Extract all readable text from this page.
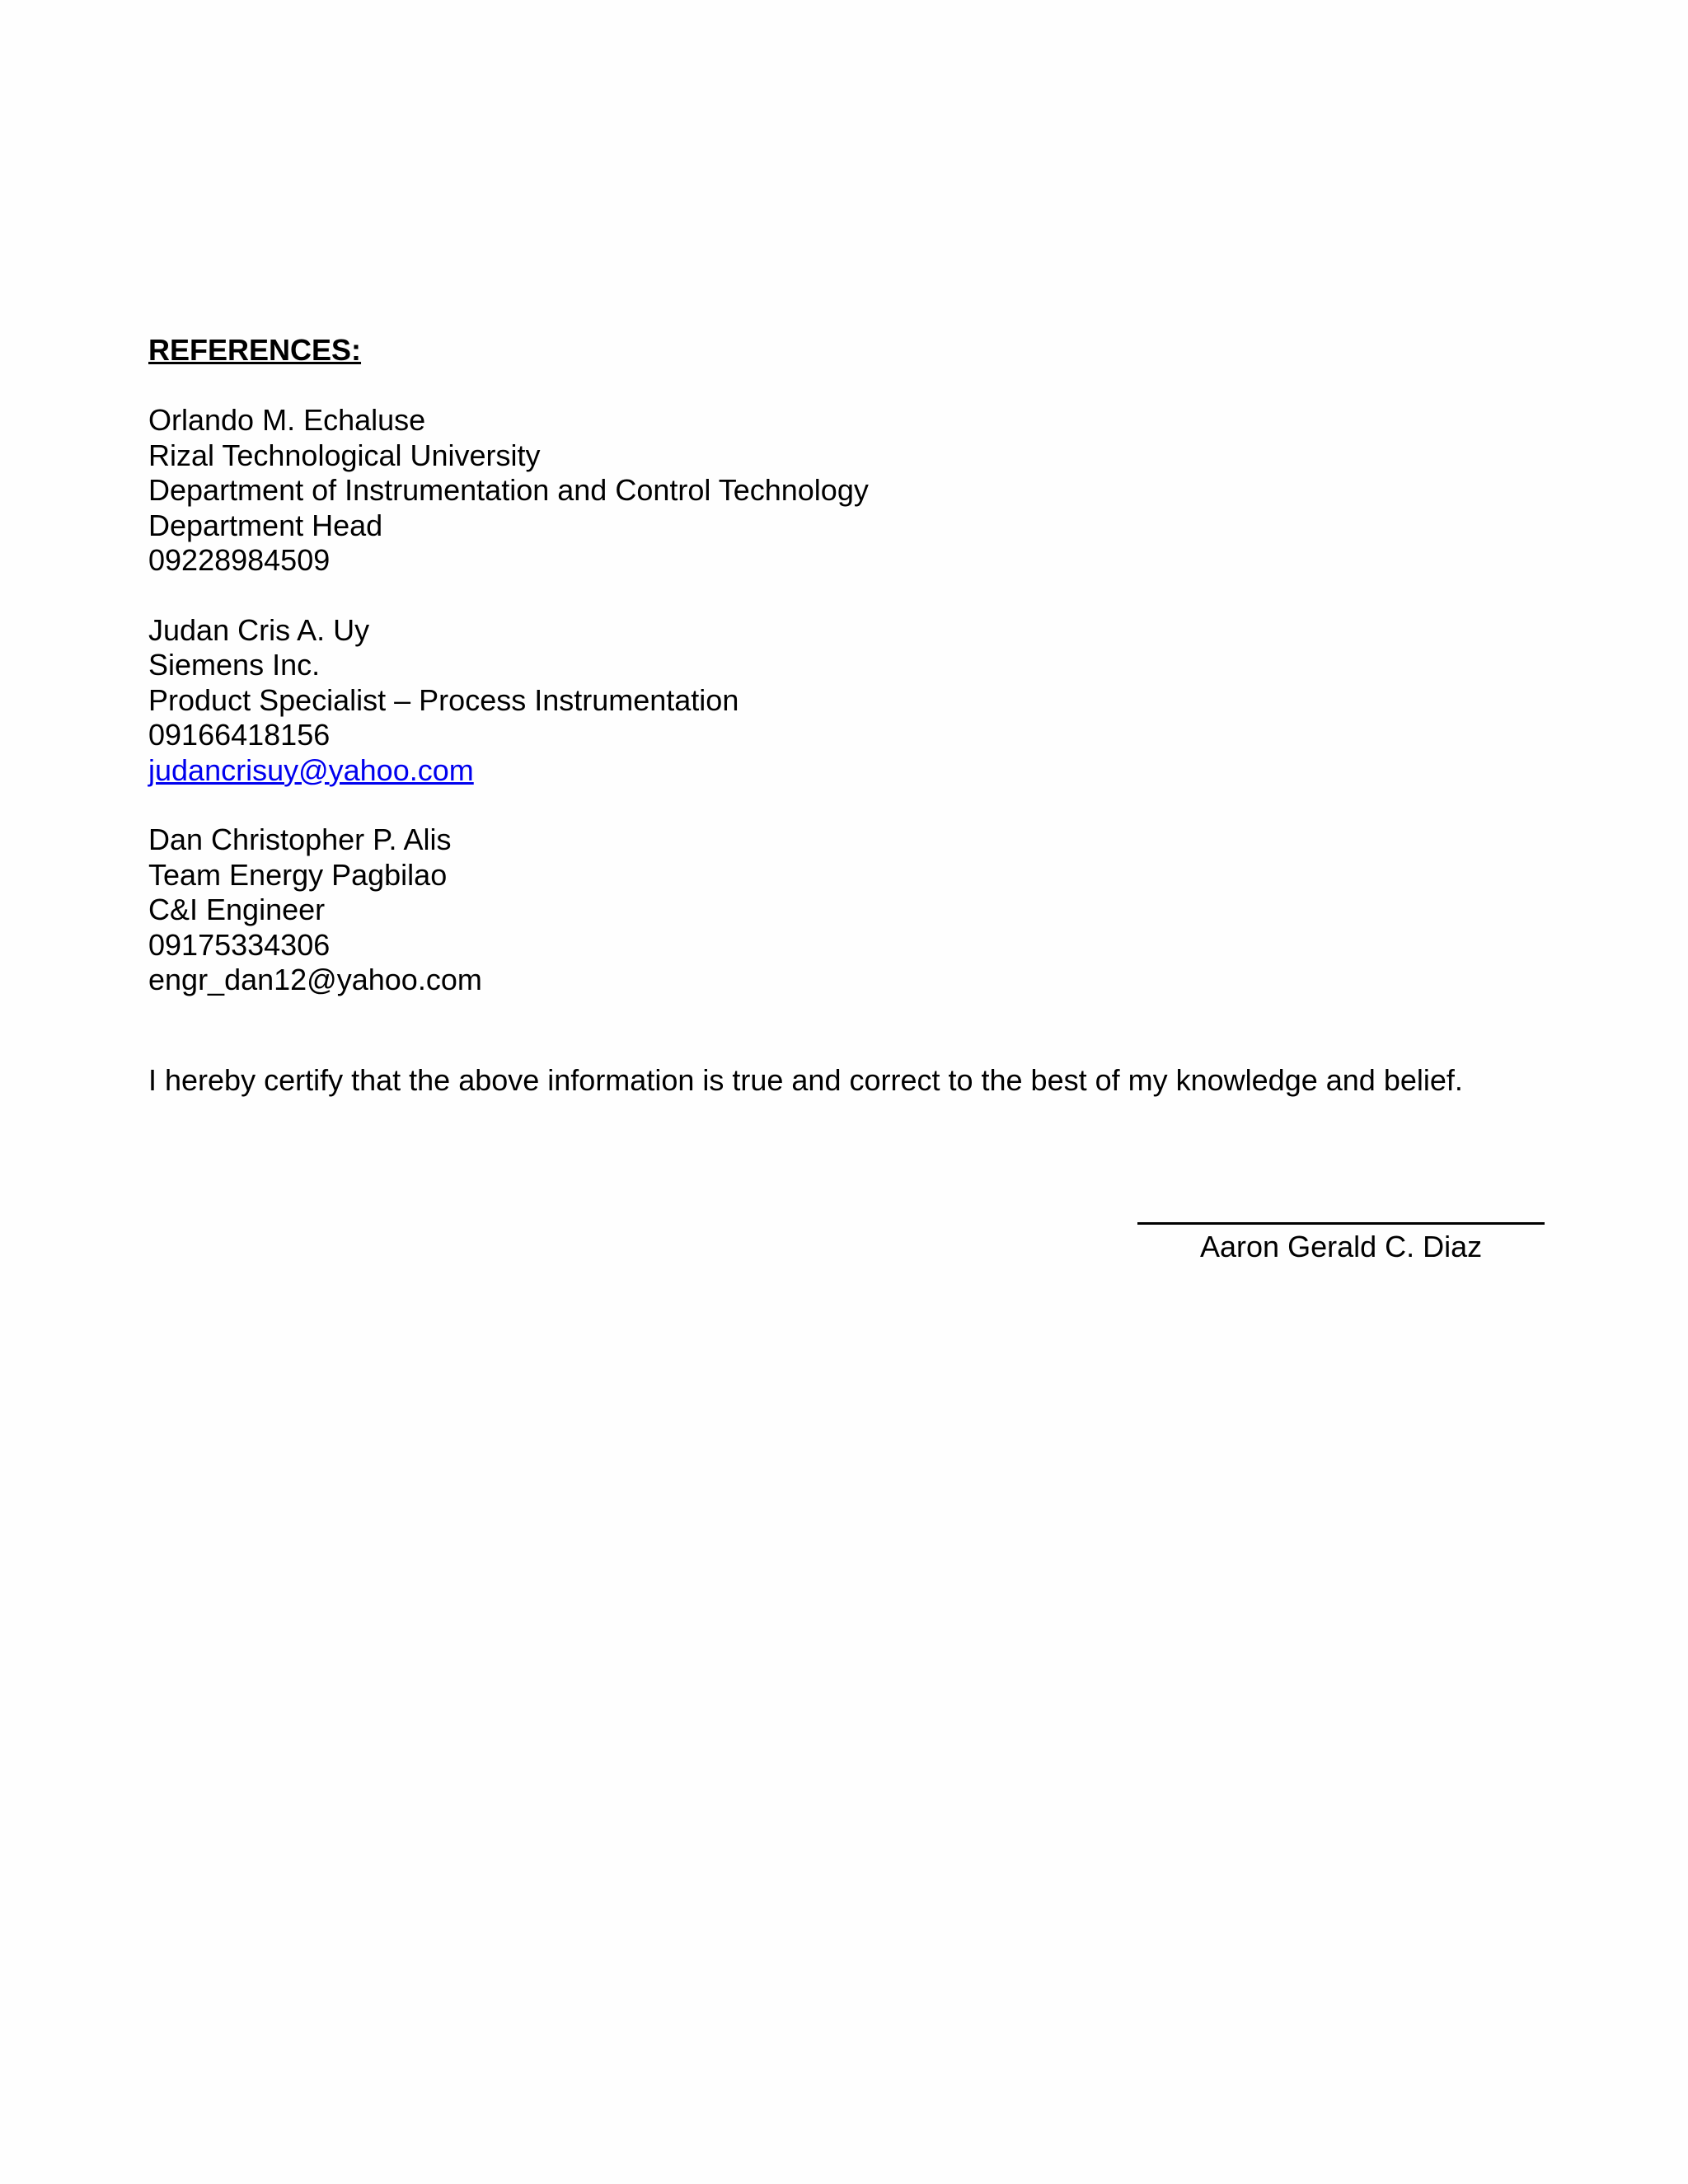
REFERENCES:
Orlando M. Echaluse
Rizal Technological University
Department of Instrumentation and Control Technology
Department Head
09228984509
Judan Cris A. Uy
Siemens Inc.
Product Specialist – Process Instrumentation
09166418156
judancrisuy@yahoo.com
Dan Christopher P. Alis
Team Energy Pagbilao
C&I Engineer
09175334306
engr_dan12@yahoo.com
I hereby certify that the above information is true and correct to the best of my knowledge and belief.
Aaron Gerald C. Diaz
